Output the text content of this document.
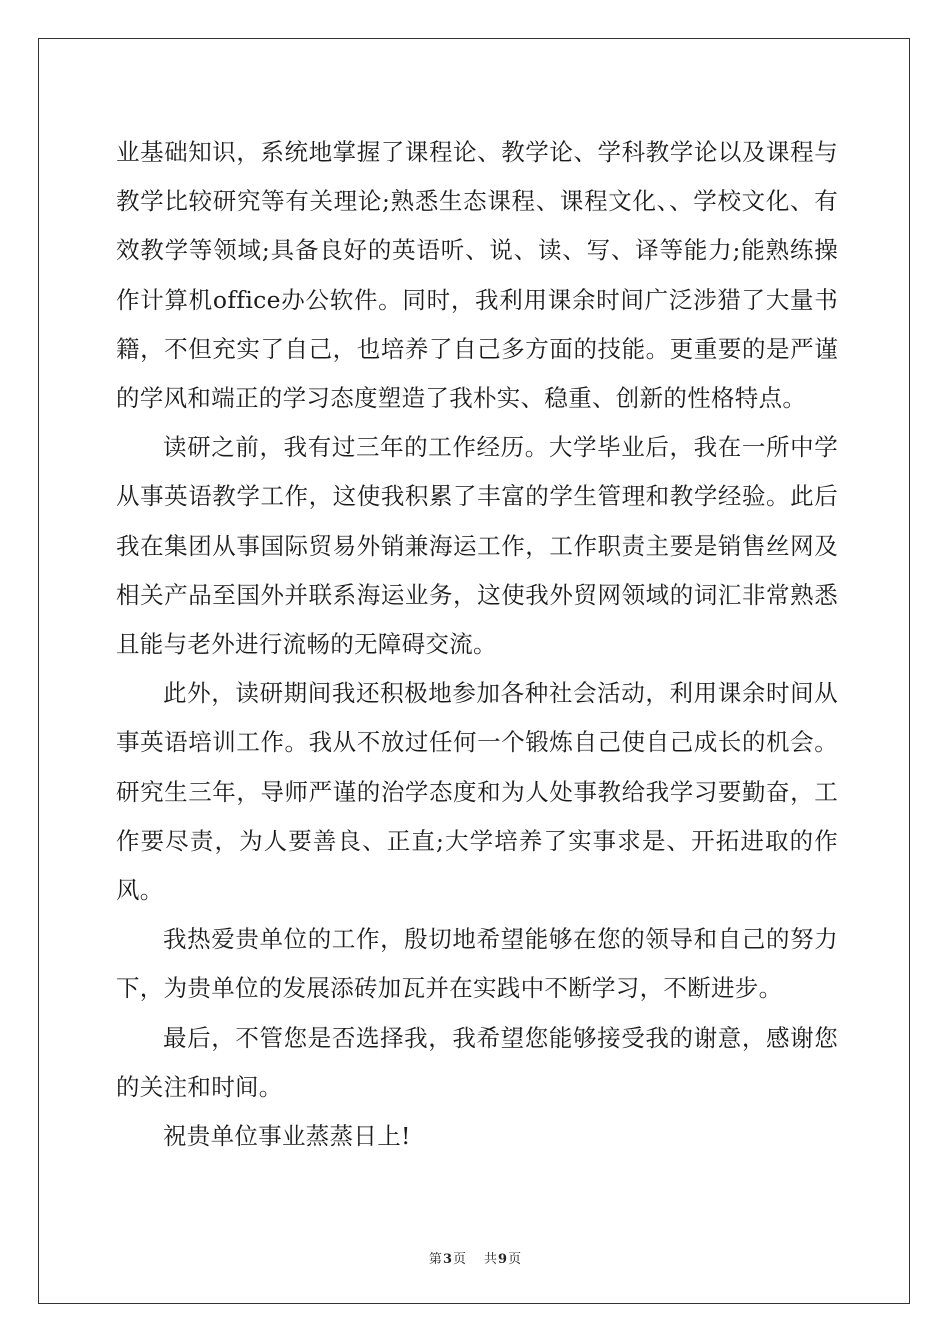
业基础知识，系统地掌握了课程论、教学论、学科教学论以及课程与教学比较研究等有关理论;熟悉生态课程、课程文化、、学校文化、有效教学等领域;具备良好的英语听、说、读、写、译等能力;能熟练操作计算机office办公软件。同时，我利用课余时间广泛涉猎了大量书籍，不但充实了自己，也培养了自己多方面的技能。更重要的是严谨的学风和端正的学习态度塑造了我朴实、稳重、创新的性格特点。

读研之前，我有过三年的工作经历。大学毕业后，我在一所中学从事英语教学工作，这使我积累了丰富的学生管理和教学经验。此后我在集团从事国际贸易外销兼海运工作，工作职责主要是销售丝网及相关产品至国外并联系海运业务，这使我外贸网领域的词汇非常熟悉且能与老外进行流畅的无障碍交流。

此外，读研期间我还积极地参加各种社会活动，利用课余时间从事英语培训工作。我从不放过任何一个锻炼自己使自己成长的机会。研究生三年，导师严谨的治学态度和为人处事教给我学习要勤奋，工作要尽责，为人要善良、正直;大学培养了实事求是、开拓进取的作风。

我热爱贵单位的工作，殷切地希望能够在您的领导和自己的努力下，为贵单位的发展添砖加瓦并在实践中不断学习，不断进步。

最后，不管您是否选择我，我希望您能够接受我的谢意，感谢您的关注和时间。

祝贵单位事业蒸蒸日上!

第3页 共9页
